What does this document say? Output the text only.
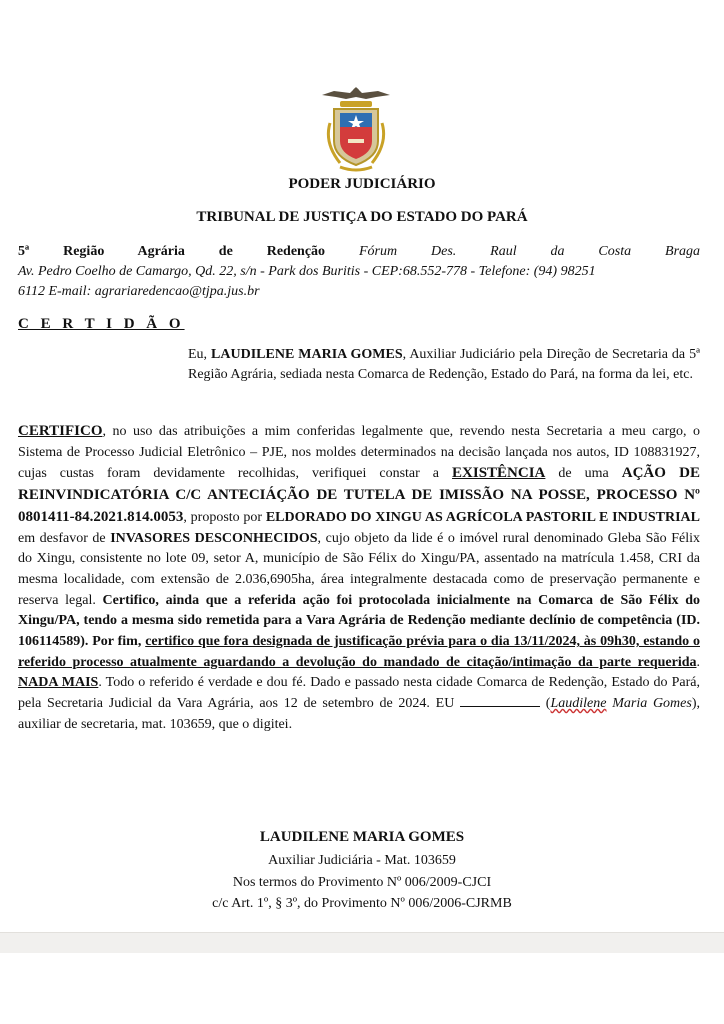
PODER JUDICIÁRIO
TRIBUNAL DE JUSTIÇA DO ESTADO DO PARÁ
5ª Região Agrária de Redenção Fórum Des. Raul da Costa Braga
Av. Pedro Coelho de Camargo, Qd. 22, s/n - Park dos Buritis - CEP:68.552-778 - Telefone: (94) 98251
6112 E-mail: agrariaredencao@tjpa.jus.br
C E R T I D Ã O
Eu, LAUDILENE MARIA GOMES, Auxiliar Judiciário pela Direção de Secretaria da 5ª Região Agrária, sediada nesta Comarca de Redenção, Estado do Pará, na forma da lei, etc.
CERTIFICO, no uso das atribuições a mim conferidas legalmente que, revendo nesta Secretaria a meu cargo, o Sistema de Processo Judicial Eletrônico – PJE, nos moldes determinados na decisão lançada nos autos, ID 108831927, cujas custas foram devidamente recolhidas, verifiquei constar a EXISTÊNCIA de uma AÇÃO DE REINVINDICATÓRIA C/C ANTECIÁÇÃO DE TUTELA DE IMISSÃO NA POSSE, PROCESSO Nº 0801411-84.2021.814.0053, proposto por ELDORADO DO XINGU AS AGRÍCOLA PASTORIL E INDUSTRIAL em desfavor de INVASORES DESCONHECIDOS, cujo objeto da lide é o imóvel rural denominado Gleba São Félix do Xingu, consistente no lote 09, setor A, município de São Félix do Xingu/PA, assentado na matrícula 1.458, CRI da mesma localidade, com extensão de 2.036,6905ha, área integralmente destacada como de preservação permanente e reserva legal. Certifico, ainda que a referida ação foi protocolada inicialmente na Comarca de São Félix do Xingu/PA, tendo a mesma sido remetida para a Vara Agrária de Redenção mediante declínio de competência (ID. 106114589). Por fim, certifico que fora designada de justificação prévia para o dia 13/11/2024, às 09h30, estando o referido processo atualmente aguardando a devolução do mandado de citação/intimação da parte requerida. NADA MAIS. Todo o referido é verdade e dou fé. Dado e passado nesta cidade Comarca de Redenção, Estado do Pará, pela Secretaria Judicial da Vara Agrária, aos 12 de setembro de 2024. EU	(Laudilene Maria Gomes), auxiliar de secretaria, mat. 103659, que o digitei.
LAUDILENE MARIA GOMES
Auxiliar Judiciária - Mat. 103659
Nos termos do Provimento Nº 006/2009-CJCI
c/c Art. 1º, § 3º, do Provimento Nº 006/2006-CJRMB
